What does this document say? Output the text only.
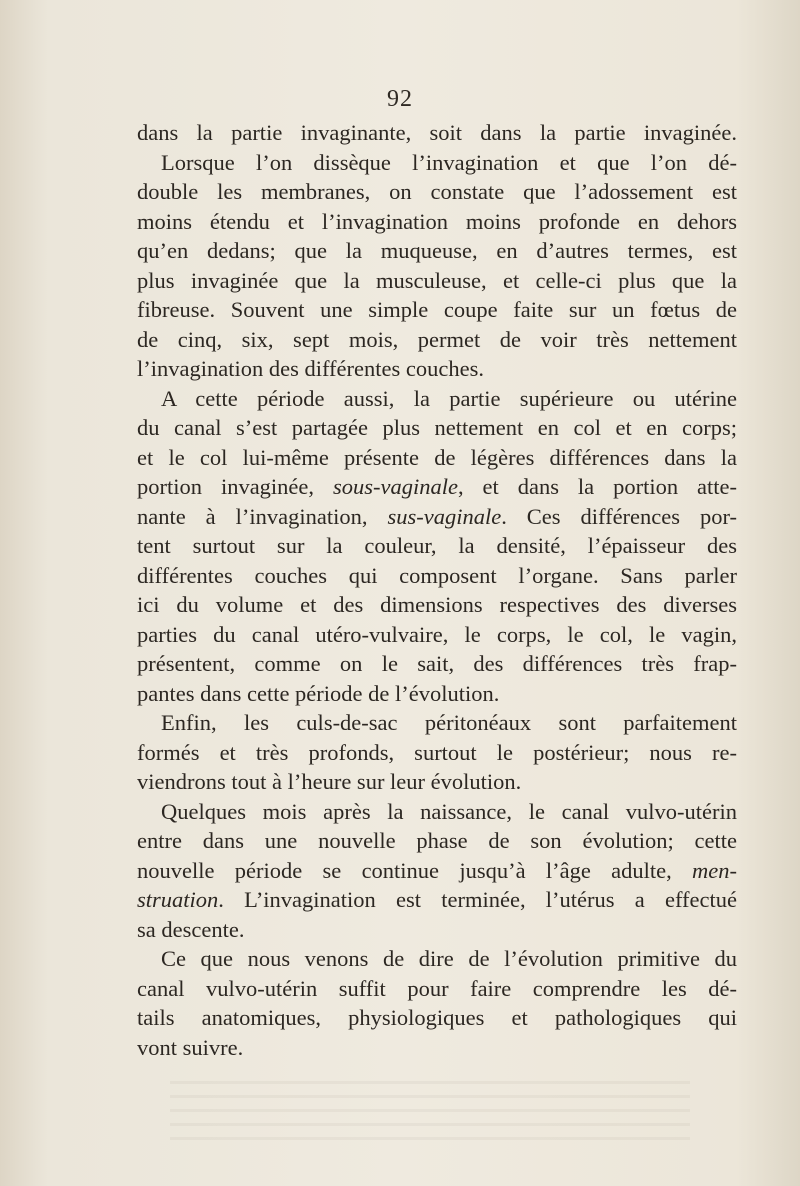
92
dans la partie invaginante, soit dans la partie invaginée.
Lorsque l’on dissèque l’invagination et que l’on dé-
double les membranes, on constate que l’adossement est
moins étendu et l’invagination moins profonde en dehors
qu’en dedans; que la muqueuse, en d’autres termes, est
plus invaginée que la musculeuse, et celle-ci plus que la
fibreuse. Souvent une simple coupe faite sur un fœtus de
de cinq, six, sept mois, permet de voir très nettement
l’invagination des différentes couches.
A cette période aussi, la partie supérieure ou utérine
du canal s’est partagée plus nettement en col et en corps;
et le col lui-même présente de légères différences dans la
portion invaginée, sous-vaginale, et dans la portion atte-
nante à l’invagination, sus-vaginale. Ces différences por-
tent surtout sur la couleur, la densité, l’épaisseur des
différentes couches qui composent l’organe. Sans parler
ici du volume et des dimensions respectives des diverses
parties du canal utéro-vulvaire, le corps, le col, le vagin,
présentent, comme on le sait, des différences très frap-
pantes dans cette période de l’évolution.
Enfin, les culs-de-sac péritonéaux sont parfaitement
formés et très profonds, surtout le postérieur; nous re-
viendrons tout à l’heure sur leur évolution.
Quelques mois après la naissance, le canal vulvo-utérin
entre dans une nouvelle phase de son évolution; cette
nouvelle période se continue jusqu’à l’âge adulte, men-
struation. L’invagination est terminée, l’utérus a effectué
sa descente.
Ce que nous venons de dire de l’évolution primitive du
canal vulvo-utérin suffit pour faire comprendre les dé-
tails anatomiques, physiologiques et pathologiques qui
vont suivre.
